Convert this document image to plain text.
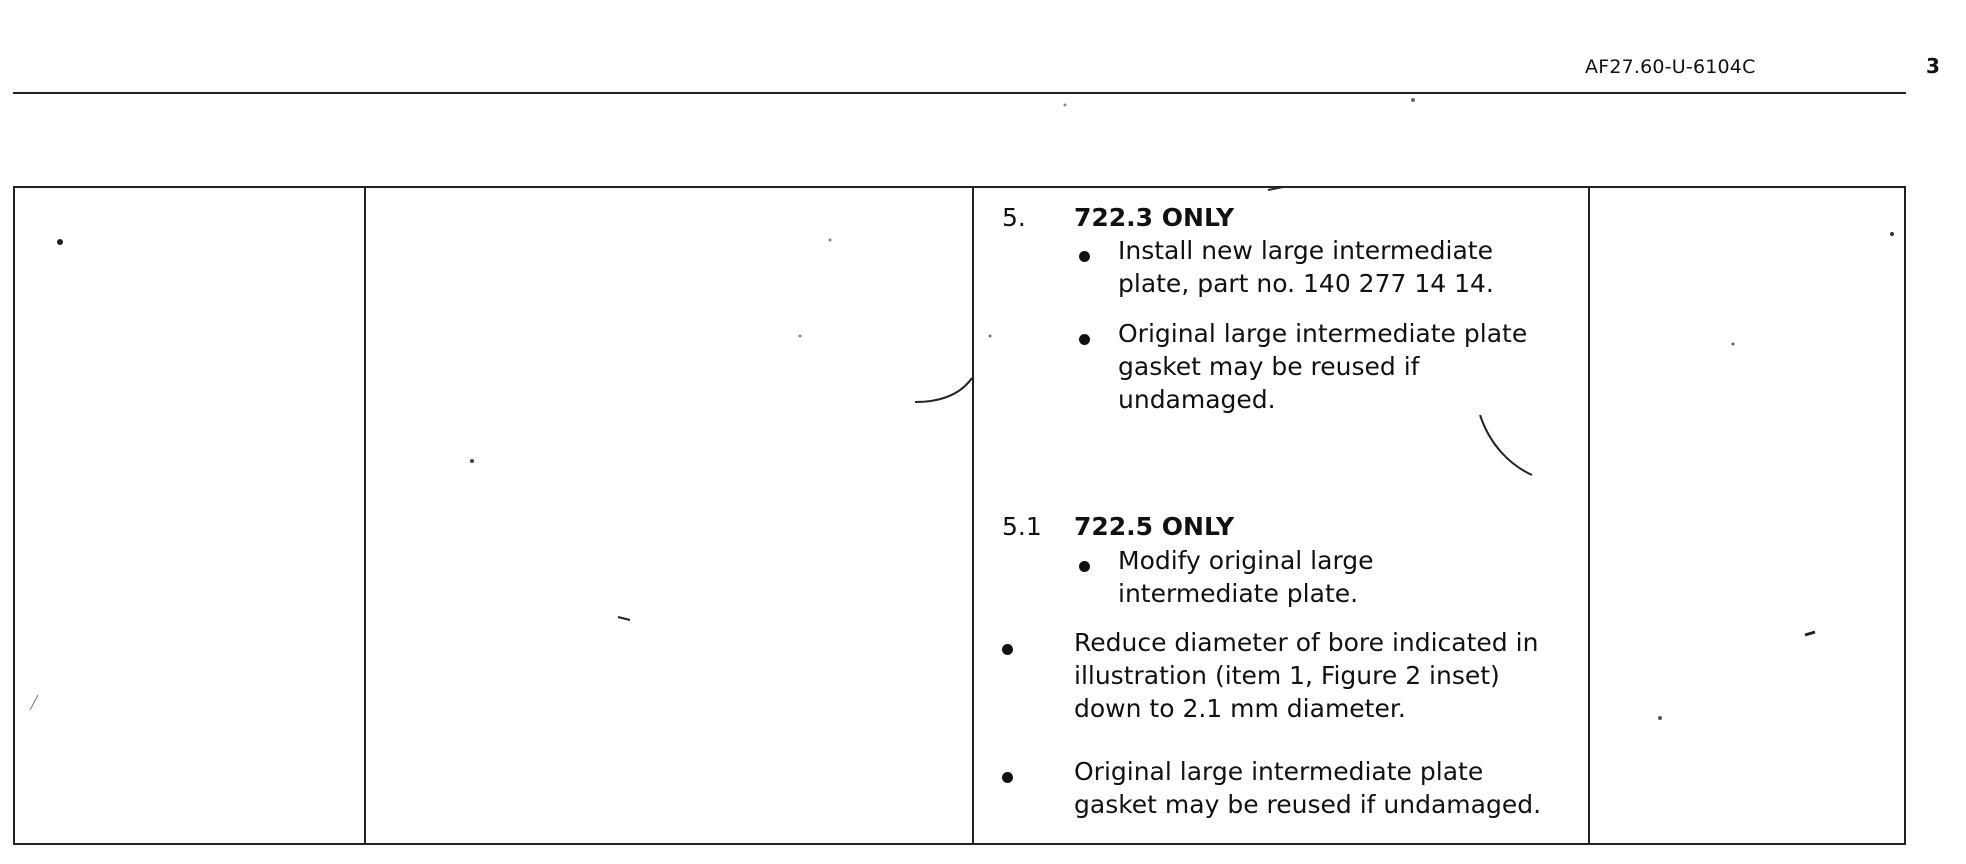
AF27.60-U-6104C	3
5. 722.3 ONLY
Install new large intermediate
plate, part no. 140 277 14 14.
Original large intermediate plate
gasket may be reused if
undamaged.
5.1 722.5 ONLY
Modify original large
intermediate plate.
Reduce diameter of bore indicated in
illustration (item 1, Figure 2 inset)
down to 2.1 mm diameter.
Original large intermediate plate
gasket may be reused if undamaged.
